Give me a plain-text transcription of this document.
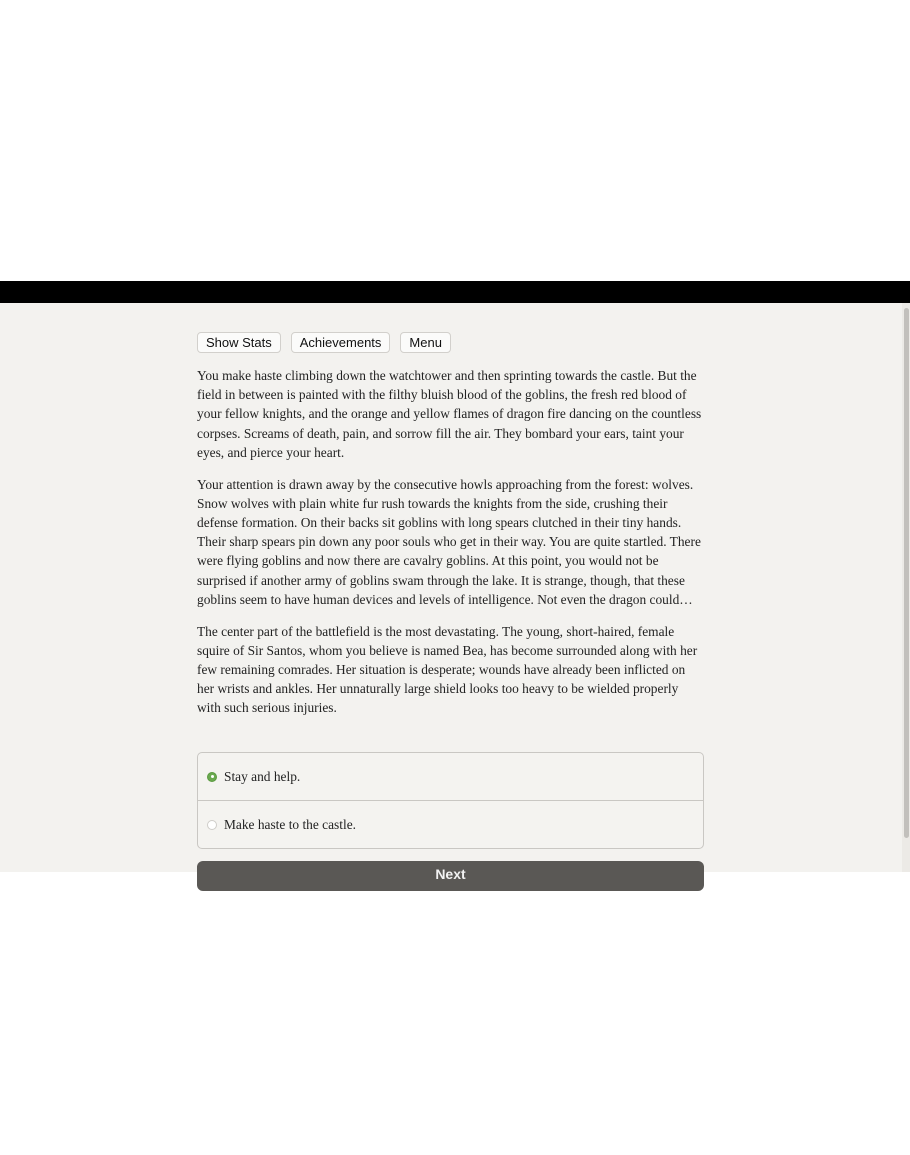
Show Stats	Achievements	Menu

You make haste climbing down the watchtower and then sprinting towards the castle. But the field in between is painted with the filthy bluish blood of the goblins, the fresh red blood of your fellow knights, and the orange and yellow flames of dragon fire dancing on the countless corpses. Screams of death, pain, and sorrow fill the air. They bombard your ears, taint your eyes, and pierce your heart.

Your attention is drawn away by the consecutive howls approaching from the forest: wolves. Snow wolves with plain white fur rush towards the knights from the side, crushing their defense formation. On their backs sit goblins with long spears clutched in their tiny hands. Their sharp spears pin down any poor souls who get in their way. You are quite startled. There were flying goblins and now there are cavalry goblins. At this point, you would not be surprised if another army of goblins swam through the lake. It is strange, though, that these goblins seem to have human devices and levels of intelligence. Not even the dragon could…

The center part of the battlefield is the most devastating. The young, short-haired, female squire of Sir Santos, whom you believe is named Bea, has become surrounded along with her few remaining comrades. Her situation is desperate; wounds have already been inflicted on her wrists and ankles. Her unnaturally large shield looks too heavy to be wielded properly with such serious injuries.

Stay and help.
Make haste to the castle.
Next
